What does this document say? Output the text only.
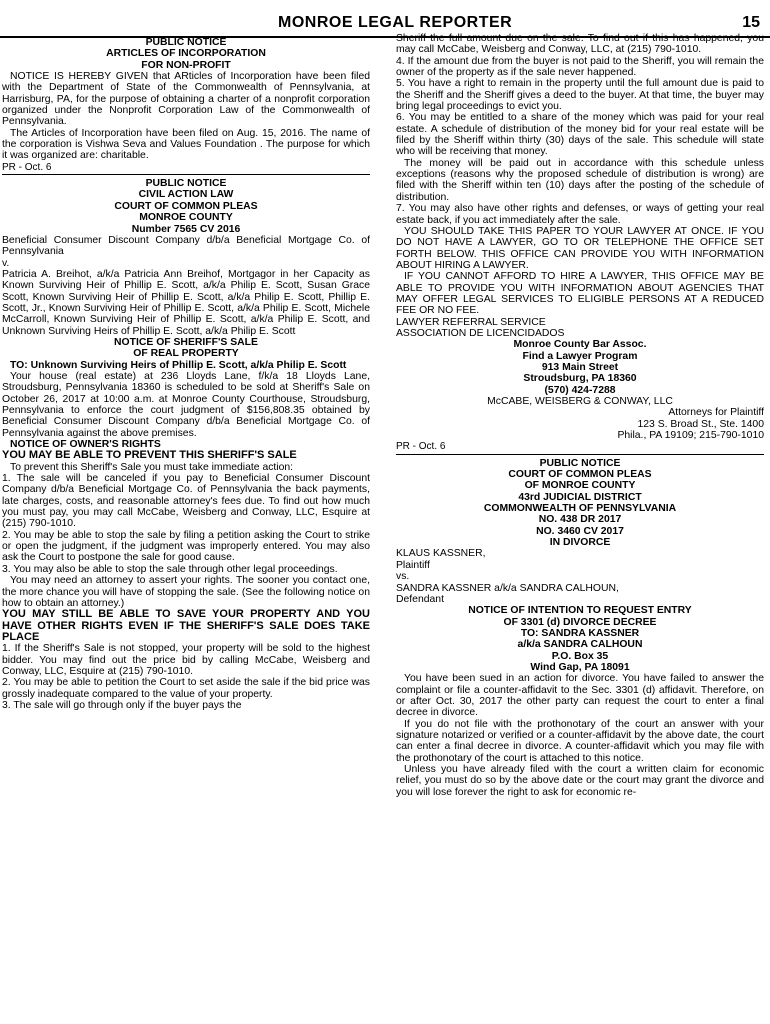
MONROE LEGAL REPORTER	15

PUBLIC NOTICE

ARTICLES OF INCORPORATION

FOR NON-PROFIT

NOTICE IS HEREBY GIVEN that ARticles of Incorporation have been filed with the Department of State of the Commonwealth of Pennsylvania, at Harrisburg, PA, for the purpose of obtaining a charter of a nonprofit corporation organized under the Nonprofit Corporation Law of the Commonwealth of Pennsylvania.

The Articles of Incorporation have been filed on Aug. 15, 2016. The name of the corporation is Vishwa Seva and Values Foundation . The purpose for which it was organized are: charitable.

PR - Oct. 6

PUBLIC NOTICE

CIVIL ACTION LAW

COURT OF COMMON PLEAS

MONROE COUNTY

Number 7565 CV 2016

Beneficial Consumer Discount Company d/b/a Beneficial Mortgage Co. of Pennsylvania

v.

Patricia A. Breihot, a/k/a Patricia Ann Breihof, Mortgagor in her Capacity as Known Surviving Heir of Phillip E. Scott, a/k/a Philip E. Scott, Susan Grace Scott, Known Surviving Heir of Phillip E. Scott, a/k/a Philip E. Scott, Phillip E. Scott, Jr., Known Surviving Heir of Phillip E. Scott, a/k/a Philip E. Scott, Michele McCarroll, Known Surviving Heir of Phillip E. Scott, a/k/a Philip E. Scott, and Unknown Surviving Heirs of Phillip E. Scott, a/k/a Philip E. Scott

NOTICE OF SHERIFF'S SALE

OF REAL PROPERTY

TO: Unknown Surviving Heirs of Phillip E. Scott, a/k/a Philip E. Scott

Your house (real estate) at 236 Lloyds Lane, f/k/a 18 Lloyds Lane, Stroudsburg, Pennsylvania 18360 is scheduled to be sold at Sheriff's Sale on October 26, 2017 at 10:00 a.m. at Monroe County Courthouse, Stroudsburg, Pennsylvania to enforce the court judgment of $156,808.35 obtained by Beneficial Consumer Discount Company d/b/a Beneficial Mortgage Co. of Pennsylvania against the above premises.

NOTICE OF OWNER'S RIGHTS

YOU MAY BE ABLE TO PREVENT THIS SHERIFF'S SALE

To prevent this Sheriff's Sale you must take immediate action:

1. The sale will be canceled if you pay to Beneficial Consumer Discount Company d/b/a Beneficial Mortgage Co. of Pennsylvania the back payments, late charges, costs, and reasonable attorney's fees due. To find out how much you must pay, you may call McCabe, Weisberg and Conway, LLC, Esquire at (215) 790-1010.

2. You may be able to stop the sale by filing a petition asking the Court to strike or open the judgment, if the judgment was improperly entered. You may also ask the Court to postpone the sale for good cause.

3. You may also be able to stop the sale through other legal proceedings.

You may need an attorney to assert your rights. The sooner you contact one, the more chance you will have of stopping the sale. (See the following notice on how to obtain an attorney.)

YOU MAY STILL BE ABLE TO SAVE YOUR PROPERTY AND YOU HAVE OTHER RIGHTS EVEN IF THE SHERIFF'S SALE DOES TAKE PLACE

1. If the Sheriff's Sale is not stopped, your property will be sold to the highest bidder. You may find out the price bid by calling McCabe, Weisberg and Conway, LLC, Esquire at (215) 790-1010.

2. You may be able to petition the Court to set aside the sale if the bid price was grossly inadequate compared to the value of your property.

3. The sale will go through only if the buyer pays the

Sheriff the full amount due on the sale. To find out if this has happened, you may call McCabe, Weisberg and Conway, LLC, at (215) 790-1010.

4. If the amount due from the buyer is not paid to the Sheriff, you will remain the owner of the property as if the sale never happened.

5. You have a right to remain in the property until the full amount due is paid to the Sheriff and the Sheriff gives a deed to the buyer. At that time, the buyer may bring legal proceedings to evict you.

6. You may be entitled to a share of the money which was paid for your real estate. A schedule of distribution of the money bid for your real estate will be filed by the Sheriff within thirty (30) days of the sale. This schedule will state who will be receiving that money.

The money will be paid out in accordance with this schedule unless exceptions (reasons why the proposed schedule of distribution is wrong) are filed with the Sheriff within ten (10) days after the posting of the schedule of distribution.

7. You may also have other rights and defenses, or ways of getting your real estate back, if you act immediately after the sale.

YOU SHOULD TAKE THIS PAPER TO YOUR LAWYER AT ONCE. IF YOU DO NOT HAVE A LAWYER, GO TO OR TELEPHONE THE OFFICE SET FORTH BELOW. THIS OFFICE CAN PROVIDE YOU WITH INFORMATION ABOUT HIRING A LAWYER.

IF YOU CANNOT AFFORD TO HIRE A LAWYER, THIS OFFICE MAY BE ABLE TO PROVIDE YOU WITH INFORMATION ABOUT AGENCIES THAT MAY OFFER LEGAL SERVICES TO ELIGIBLE PERSONS AT A REDUCED FEE OR NO FEE.

LAWYER REFERRAL SERVICE

ASSOCIATION DE LICENCIDADOS

Monroe County Bar Assoc.

Find a Lawyer Program

913 Main Street

Stroudsburg, PA 18360

(570) 424-7288

McCABE, WEISBERG & CONWAY, LLC

Attorneys for Plaintiff

123 S. Broad St., Ste. 1400

Phila., PA 19109; 215-790-1010

PR - Oct. 6

PUBLIC NOTICE

COURT OF COMMON PLEAS

OF MONROE COUNTY

43rd JUDICIAL DISTRICT

COMMONWEALTH OF PENNSYLVANIA

NO. 438 DR 2017

NO. 3460 CV 2017

IN DIVORCE

KLAUS KASSNER,

Plaintiff

vs.

SANDRA KASSNER a/k/a SANDRA CALHOUN,

Defendant

NOTICE OF INTENTION TO REQUEST ENTRY

OF 3301 (d) DIVORCE DECREE

TO: SANDRA KASSNER

a/k/a SANDRA CALHOUN

P.O. Box 35

Wind Gap, PA 18091

You have been sued in an action for divorce. You have failed to answer the complaint or file a counter-affidavit to the Sec. 3301 (d) affidavit. Therefore, on or after Oct. 30, 2017 the other party can request the court to enter a final decree in divorce.

If you do not file with the prothonotary of the court an answer with your signature notarized or verified or a counter-affidavit by the above date, the court can enter a final decree in divorce. A counter-affidavit which you may file with the prothonotary of the court is attached to this notice.

Unless you have already filed with the court a written claim for economic relief, you must do so by the above date or the court may grant the divorce and you will lose forever the right to ask for economic re-
